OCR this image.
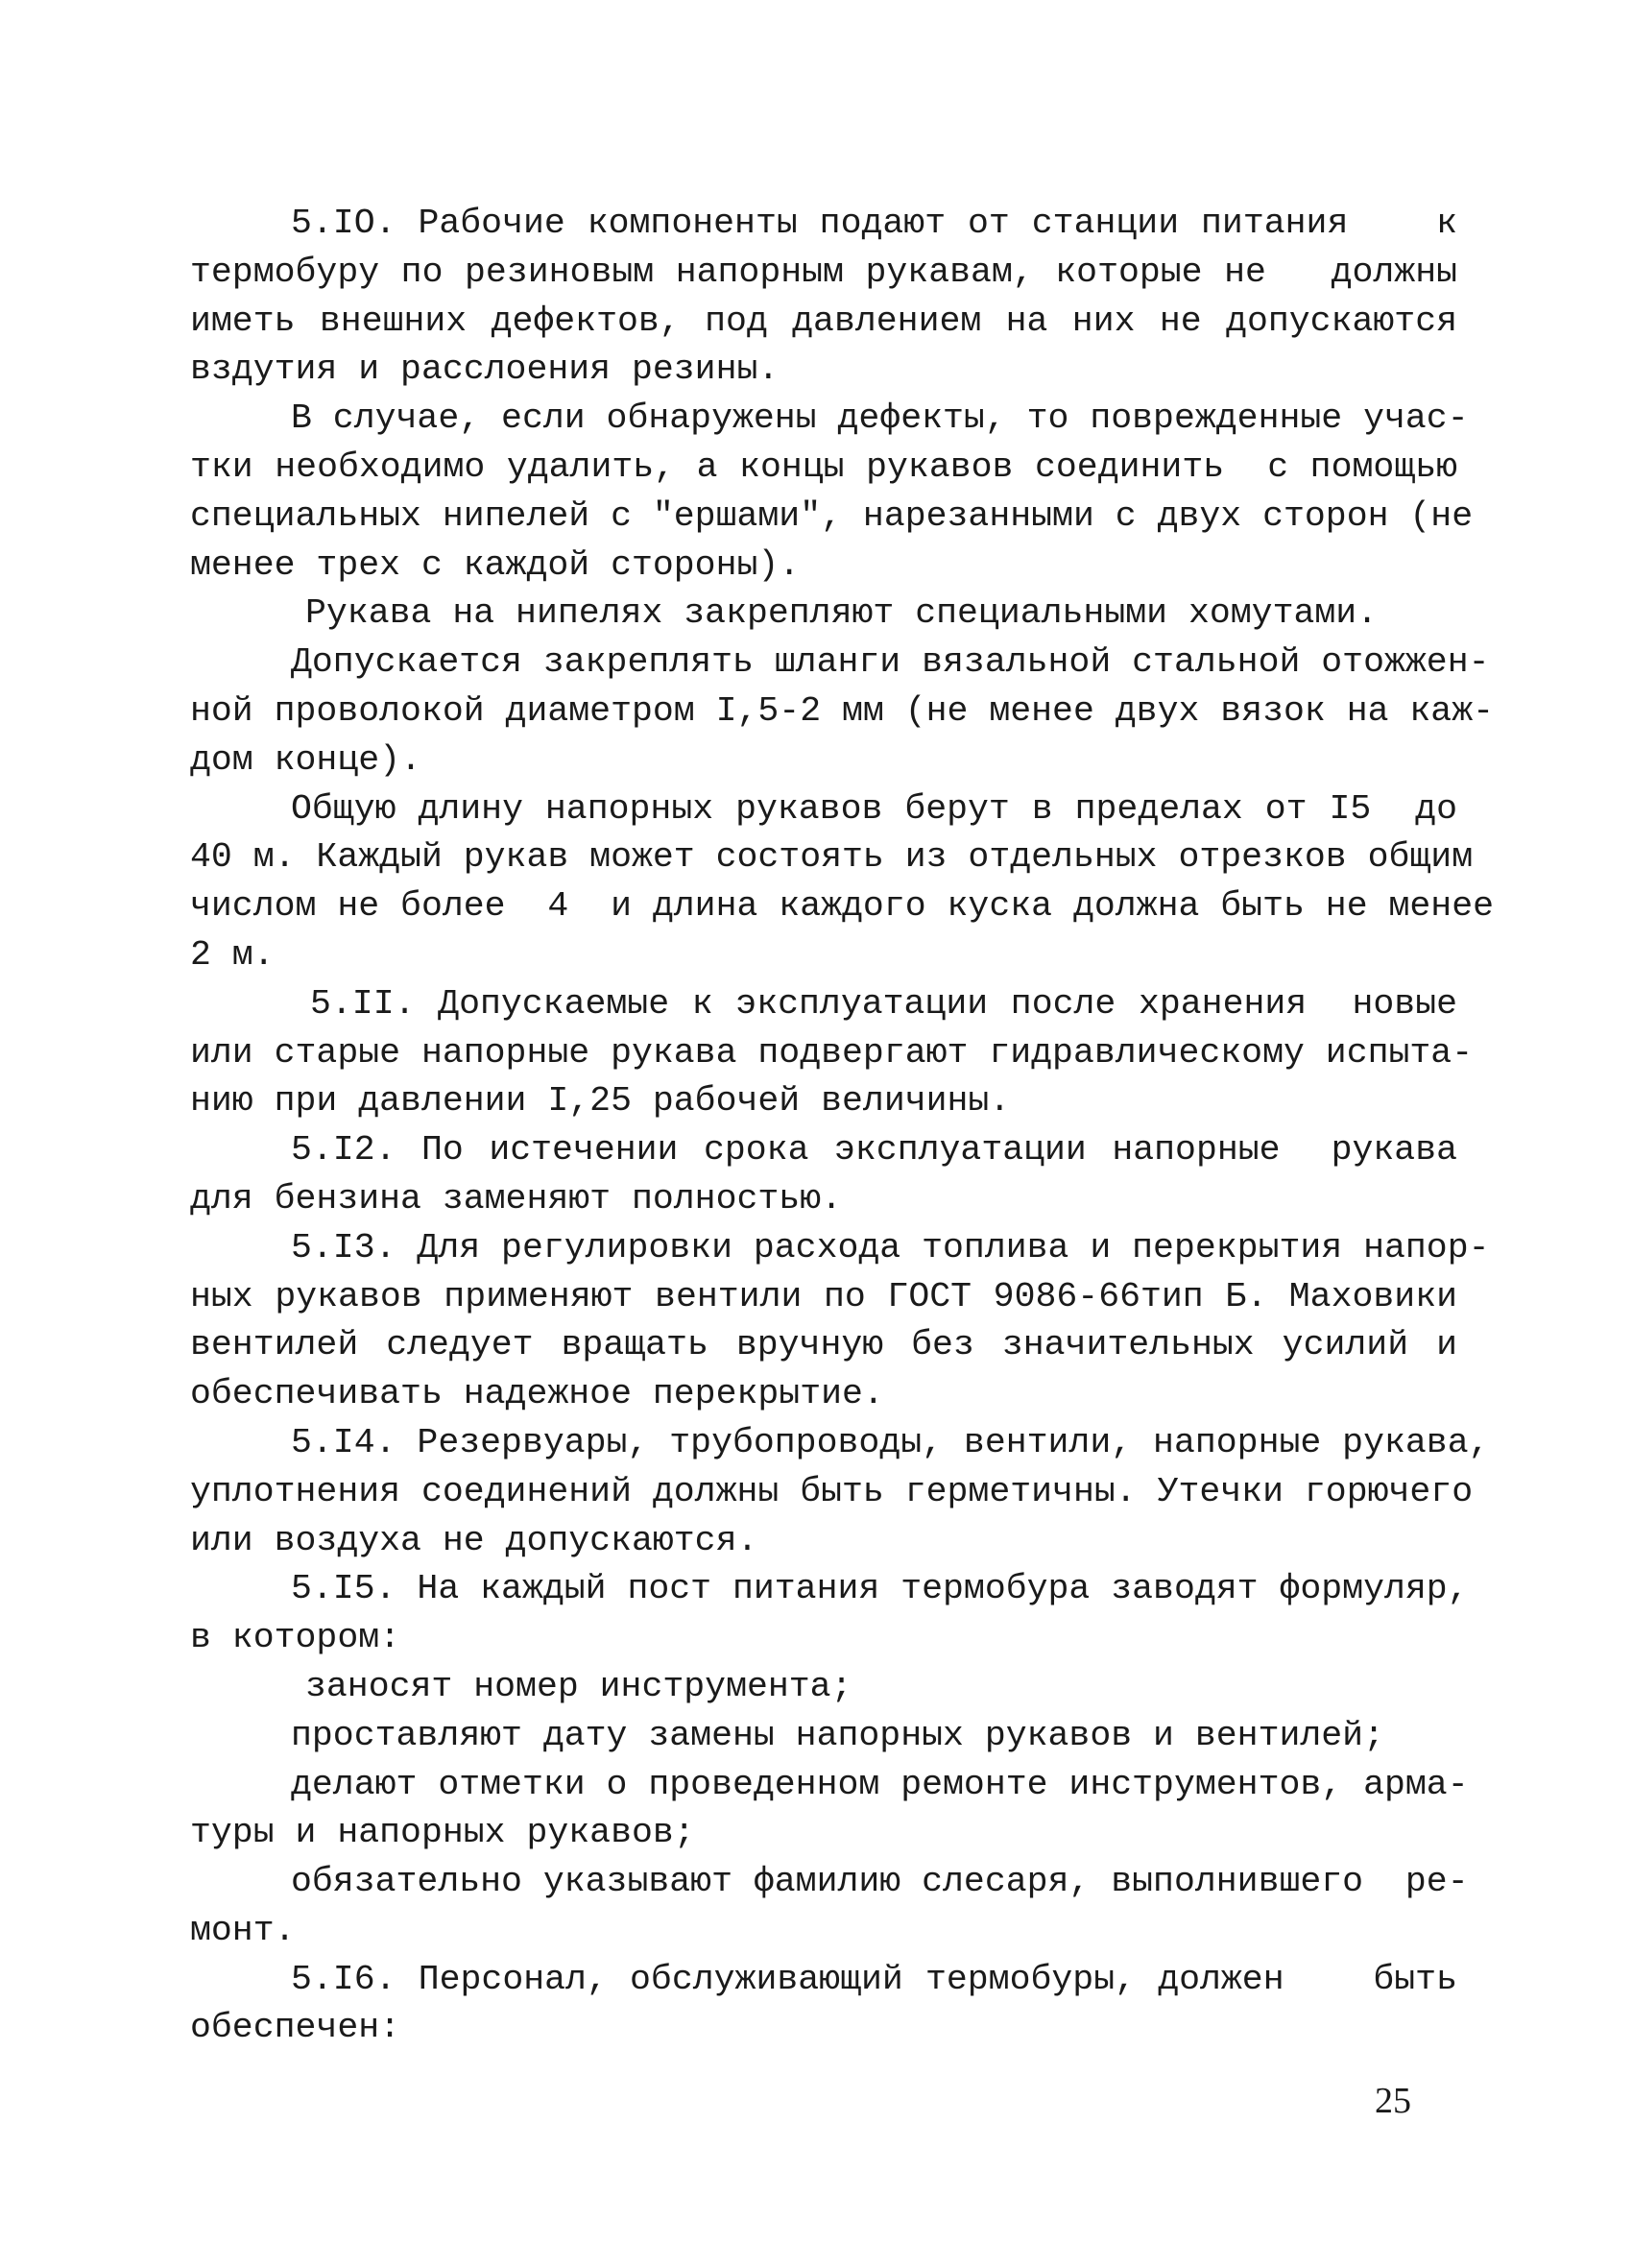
5.IO. Рабочие компоненты подают от станции питания    к
термобуру по резиновым напорным рукавам, которые не   должны
иметь внешних дефектов, под давлением на них не допускаются
вздутия и расслоения резины.
В случае, если обнаружены дефекты, то поврежденные учас-
тки необходимо удалить, а концы рукавов соединить  с помощью
специальных нипелей с "ершами", нарезанными с двух сторон (не
менее трех с каждой стороны).
Рукава на нипелях закрепляют специальными хомутами.
Допускается закреплять шланги вязальной стальной отожжен-
ной проволокой диаметром I,5-2 мм (не менее двух вязок на каж-
дом конце).
Общую длину напорных рукавов берут в пределах от I5  до
40 м. Каждый рукав может состоять из отдельных отрезков общим
числом не более  4  и длина каждого куска должна быть не менее
2 м.
5.II. Допускаемые к эксплуатации после хранения  новые
или старые напорные рукава подвергают гидравлическому испыта-
нию при давлении I,25 рабочей величины.
5.I2. По истечении срока эксплуатации напорные  рукава
для бензина заменяют полностью.
5.I3. Для регулировки расхода топлива и перекрытия напор-
ных рукавов применяют вентили по ГОСТ 9086-66тип Б. Маховики
вентилей следует вращать вручную без значительных усилий и
обеспечивать надежное перекрытие.
5.I4. Резервуары, трубопроводы, вентили, напорные рукава,
уплотнения соединений должны быть герметичны. Утечки горючего
или воздуха не допускаются.
5.I5. На каждый пост питания термобура заводят формуляр,
в котором:
заносят номер инструмента;
проставляют дату замены напорных рукавов и вентилей;
делают отметки о проведенном ремонте инструментов, арма-
туры и напорных рукавов;
обязательно указывают фамилию слесаря, выполнившего  ре-
монт.
5.I6. Персонал, обслуживающий термобуры, должен    быть
обеспечен:
25
